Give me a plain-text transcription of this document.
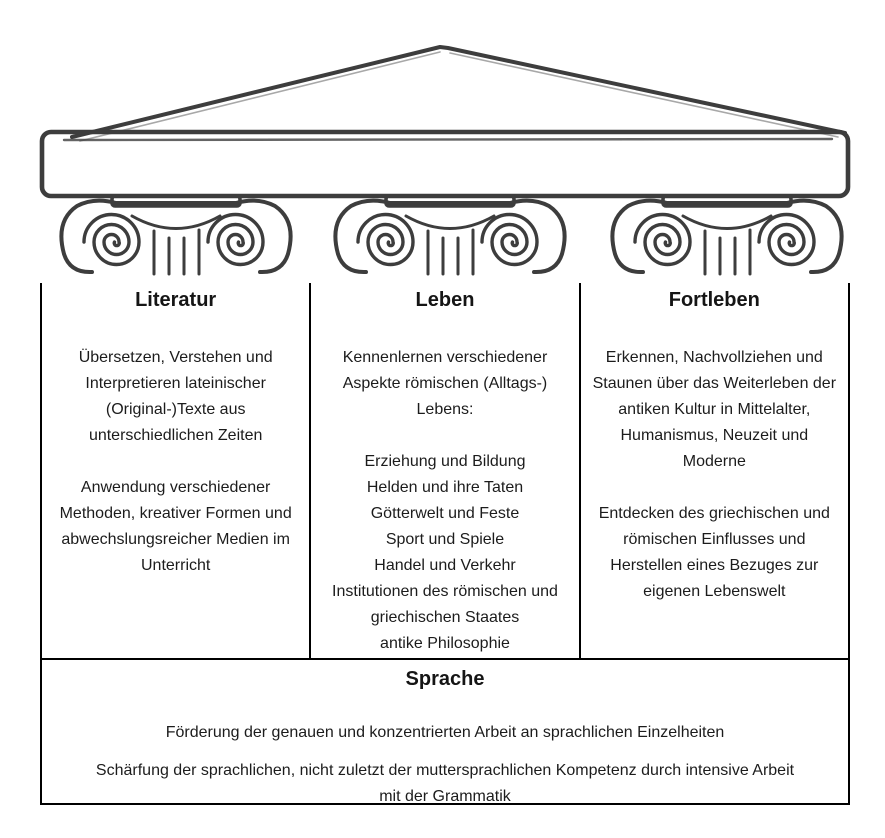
Literatur

Übersetzen, Verstehen und Interpretieren lateinischer (Original-)Texte aus unterschiedlichen Zeiten

Anwendung verschiedener Methoden, kreativer Formen und abwechslungsreicher Medien im Unterricht

Leben

Kennenlernen verschiedener Aspekte römischen (Alltags-) Lebens:

Erziehung und Bildung
Helden und ihre Taten
Götterwelt und Feste
Sport und Spiele
Handel und Verkehr
Institutionen des römischen und griechischen Staates
antike Philosophie
Fortleben

Erkennen, Nachvollziehen und Staunen über das Weiterleben der antiken Kultur in Mittelalter, Humanismus, Neuzeit und Moderne

Entdecken des griechischen und römischen Einflusses und Herstellen eines Bezuges zur eigenen Lebenswelt

Sprache

Förderung der genauen und konzentrierten Arbeit an sprachlichen Einzelheiten

Schärfung der sprachlichen, nicht zuletzt der muttersprachlichen Kompetenz durch intensive Arbeit mit der Grammatik
